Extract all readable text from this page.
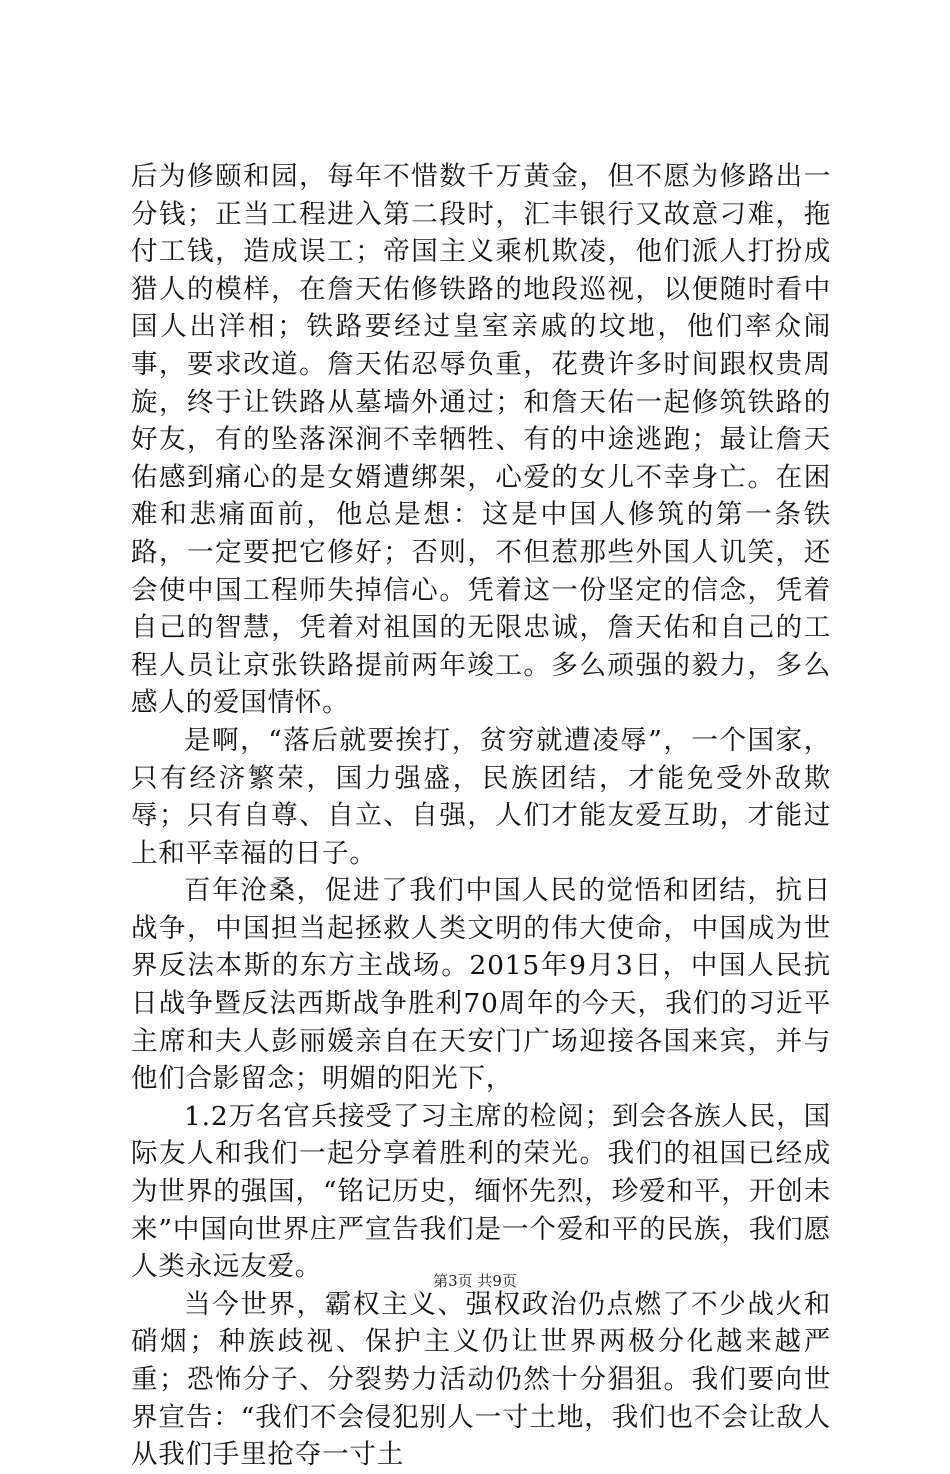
后为修颐和园，每年不惜数千万黄金，但不愿为修路出一分钱；正当工程进入第二段时，汇丰银行又故意刁难，拖付工钱，造成误工；帝国主义乘机欺凌，他们派人打扮成猎人的模样，在詹天佑修铁路的地段巡视，以便随时看中国人出洋相；铁路要经过皇室亲戚的坟地，他们率众闹事，要求改道。詹天佑忍辱负重，花费许多时间跟权贵周旋，终于让铁路从墓墙外通过；和詹天佑一起修筑铁路的好友，有的坠落深涧不幸牺牲、有的中途逃跑；最让詹天佑感到痛心的是女婿遭绑架，心爱的女儿不幸身亡。在困难和悲痛面前，他总是想：这是中国人修筑的第一条铁路，一定要把它修好；否则，不但惹那些外国人讥笑，还会使中国工程师失掉信心。凭着这一份坚定的信念，凭着自己的智慧，凭着对祖国的无限忠诚，詹天佑和自己的工程人员让京张铁路提前两年竣工。多么顽强的毅力，多么感人的爱国情怀。

是啊，“落后就要挨打，贫穷就遭凌辱”，一个国家，只有经济繁荣，国力强盛，民族团结，才能免受外敌欺辱；只有自尊、自立、自强，人们才能友爱互助，才能过上和平幸福的日子。

百年沧桑，促进了我们中国人民的觉悟和团结，抗日战争，中国担当起拯救人类文明的伟大使命，中国成为世界反法本斯的东方主战场。2015年9月3日，中国人民抗日战争暨反法西斯战争胜利70周年的今天，我们的习近平主席和夫人彭丽媛亲自在天安门广场迎接各国来宾，并与他们合影留念；明媚的阳光下，

1.2万名官兵接受了习主席的检阅；到会各族人民，国际友人和我们一起分享着胜利的荣光。我们的祖国已经成为世界的强国，“铭记历史，缅怀先烈，珍爱和平，开创未来”中国向世界庄严宣告我们是一个爱和平的民族，我们愿人类永远友爱。

当今世界，霸权主义、强权政治仍点燃了不少战火和硝烟；种族歧视、保护主义仍让世界两极分化越来越严重；恐怖分子、分裂势力活动仍然十分猖狙。我们要向世界宣告：“我们不会侵犯别人一寸土地，我们也不会让敌人从我们手里抢夺一寸土

第3页 共9页
